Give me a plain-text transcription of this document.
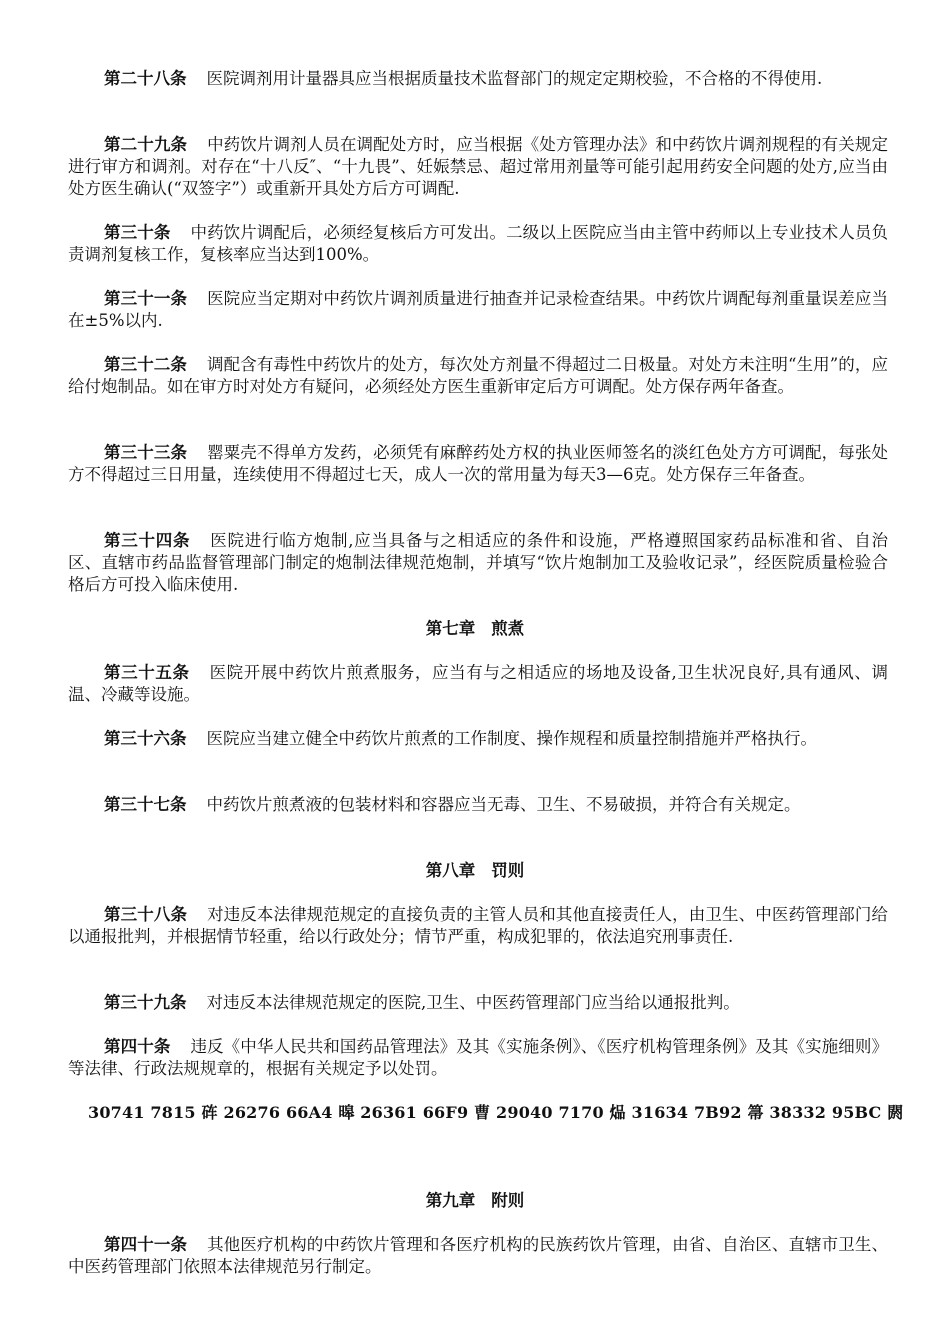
第二十八条 医院调剂用计量器具应当根据质量技术监督部门的规定定期校验，不合格的不得使用.

第二十九条 中药饮片调剂人员在调配处方时，应当根据《处方管理办法》和中药饮片调剂规程的有关规定进行审方和调剂。对存在“十八反″、“十九畏”、妊娠禁忌、超过常用剂量等可能引起用药安全问题的处方,应当由处方医生确认(“双签字”）或重新开具处方后方可调配.

第三十条 中药饮片调配后，必须经复核后方可发出。二级以上医院应当由主管中药师以上专业技术人员负责调剂复核工作，复核率应当达到100%。

第三十一条 医院应当定期对中药饮片调剂质量进行抽查并记录检查结果。中药饮片调配每剂重量误差应当在±5%以内.

第三十二条 调配含有毒性中药饮片的处方，每次处方剂量不得超过二日极量。对处方未注明“生用”的，应给付炮制品。如在审方时对处方有疑问，必须经处方医生重新审定后方可调配。处方保存两年备查。

第三十三条 罂粟壳不得单方发药，必须凭有麻醉药处方权的执业医师签名的淡红色处方方可调配，每张处方不得超过三日用量，连续使用不得超过七天，成人一次的常用量为每天3—6克。处方保存三年备查。

第三十四条 医院进行临方炮制,应当具备与之相适应的条件和设施，严格遵照国家药品标准和省、自治区、直辖市药品监督管理部门制定的炮制法律规范炮制，并填写“饮片炮制加工及验收记录”，经医院质量检验合格后方可投入临床使用.

第七章 煎煮

第三十五条 医院开展中药饮片煎煮服务，应当有与之相适应的场地及设备,卫生状况良好,具有通风、调温、冷藏等设施。

第三十六条 医院应当建立健全中药饮片煎煮的工作制度、操作规程和质量控制措施并严格执行。

第三十七条 中药饮片煎煮液的包装材料和容器应当无毒、卫生、不易破损，并符合有关规定。

第八章 罚则

第三十八条 对违反本法律规范规定的直接负责的主管人员和其他直接责任人，由卫生、中医药管理部门给以通报批判，并根据情节轻重，给以行政处分；情节严重，构成犯罪的，依法追究刑事责任.

第三十九条 对违反本法律规范规定的医院,卫生、中医药管理部门应当给以通报批判。

第四十条 违反《中华人民共和国药品管理法》及其《实施条例》、《医疗机构管理条例》及其《实施细则》等法律、行政法规规章的，根据有关规定予以处罚。

30741 7815 砗 26276 66A4 暤 26361 66F9 曹 29040 7170 煰 31634 7B92 箒 38332 95BC 閼
第九章 附则

第四十一条 其他医疗机构的中药饮片管理和各医疗机构的民族药饮片管理，由省、自治区、直辖市卫生、中医药管理部门依照本法律规范另行制定。
